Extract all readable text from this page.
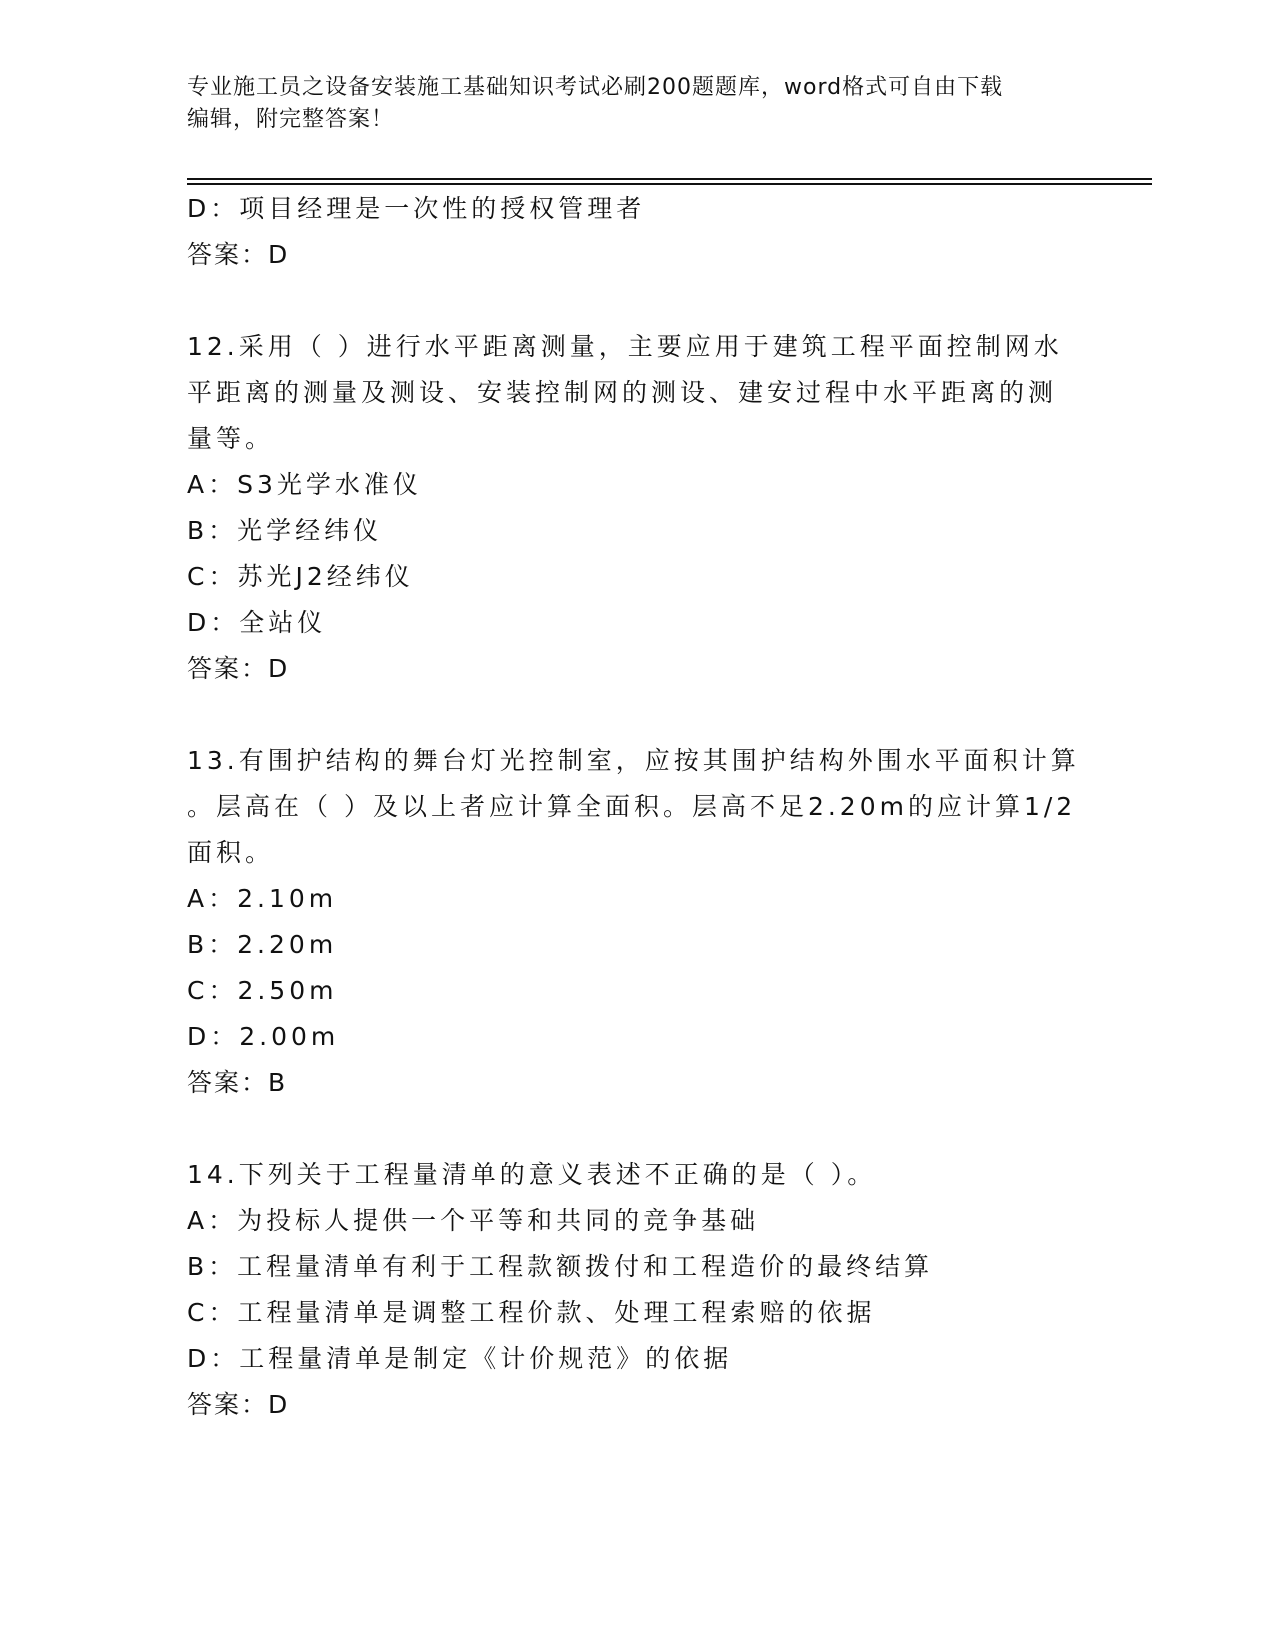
专业施工员之设备安装施工基础知识考试必刷200题题库，word格式可自由下载
编辑，附完整答案！
D：项目经理是一次性的授权管理者
答案：D
12.采用（ ）进行水平距离测量，主要应用于建筑工程平面控制网水
平距离的测量及测设、安装控制网的测设、建安过程中水平距离的测
量等。
A：S3光学水准仪
B：光学经纬仪
C：苏光J2经纬仪
D：全站仪
答案：D
13.有围护结构的舞台灯光控制室，应按其围护结构外围水平面积计算
。层高在（ ）及以上者应计算全面积。层高不足2.20m的应计算1/2
面积。
A：2.10m
B：2.20m
C：2.50m
D：2.00m
答案：B
14.下列关于工程量清单的意义表述不正确的是（ ）。
A：为投标人提供一个平等和共同的竞争基础
B：工程量清单有利于工程款额拨付和工程造价的最终结算
C：工程量清单是调整工程价款、处理工程索赔的依据
D：工程量清单是制定《计价规范》的依据
答案：D
